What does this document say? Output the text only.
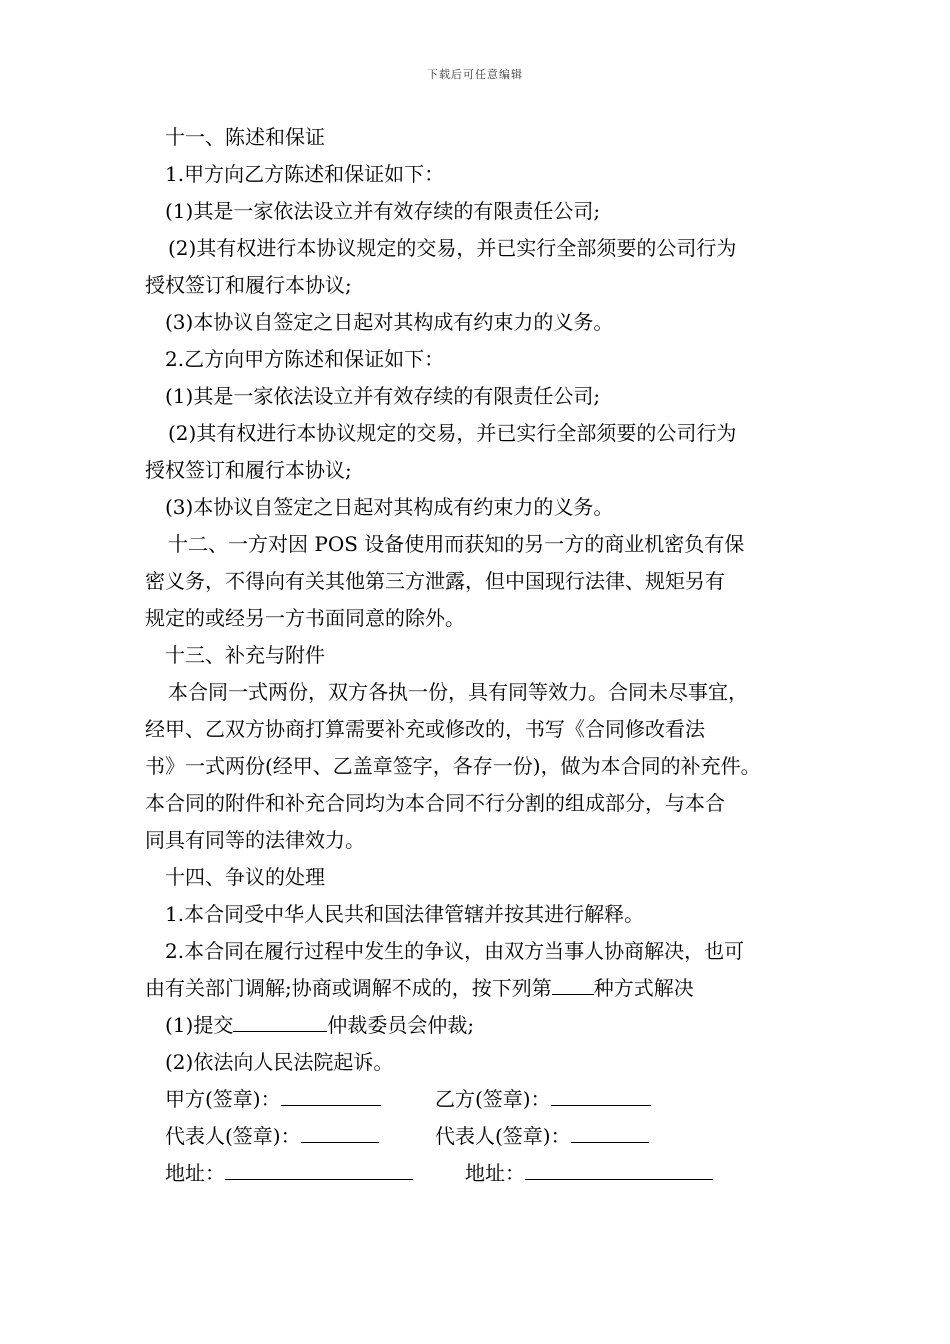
下载后可任意编辑

十一、陈述和保证

1.甲方向乙方陈述和保证如下：

(1)其是一家依法设立并有效存续的有限责任公司;

(2)其有权进行本协议规定的交易，并已实行全部须要的公司行为

授权签订和履行本协议;

(3)本协议自签定之日起对其构成有约束力的义务。

2.乙方向甲方陈述和保证如下：

(1)其是一家依法设立并有效存续的有限责任公司;

(2)其有权进行本协议规定的交易，并已实行全部须要的公司行为

授权签订和履行本协议;

(3)本协议自签定之日起对其构成有约束力的义务。

十二、一方对因 POS 设备使用而获知的另一方的商业机密负有保

密义务，不得向有关其他第三方泄露，但中国现行法律、规矩另有

规定的或经另一方书面同意的除外。

十三、补充与附件

本合同一式两份，双方各执一份，具有同等效力。合同未尽事宜，

经甲、乙双方协商打算需要补充或修改的，书写《合同修改看法

书》一式两份(经甲、乙盖章签字，各存一份)，做为本合同的补充件。

本合同的附件和补充合同均为本合同不行分割的组成部分，与本合

同具有同等的法律效力。

十四、争议的处理

1.本合同受中华人民共和国法律管辖并按其进行解释。

2.本合同在履行过程中发生的争议，由双方当事人协商解决，也可

由有关部门调解;协商或调解不成的，按下列第 种方式解决

(1)提交	仲裁委员会仲裁;

(2)依法向人民法院起诉。

甲方(签章)：	乙方(签章)：
代表人(签章)：	代表人(签章)：
地址：	地址：
